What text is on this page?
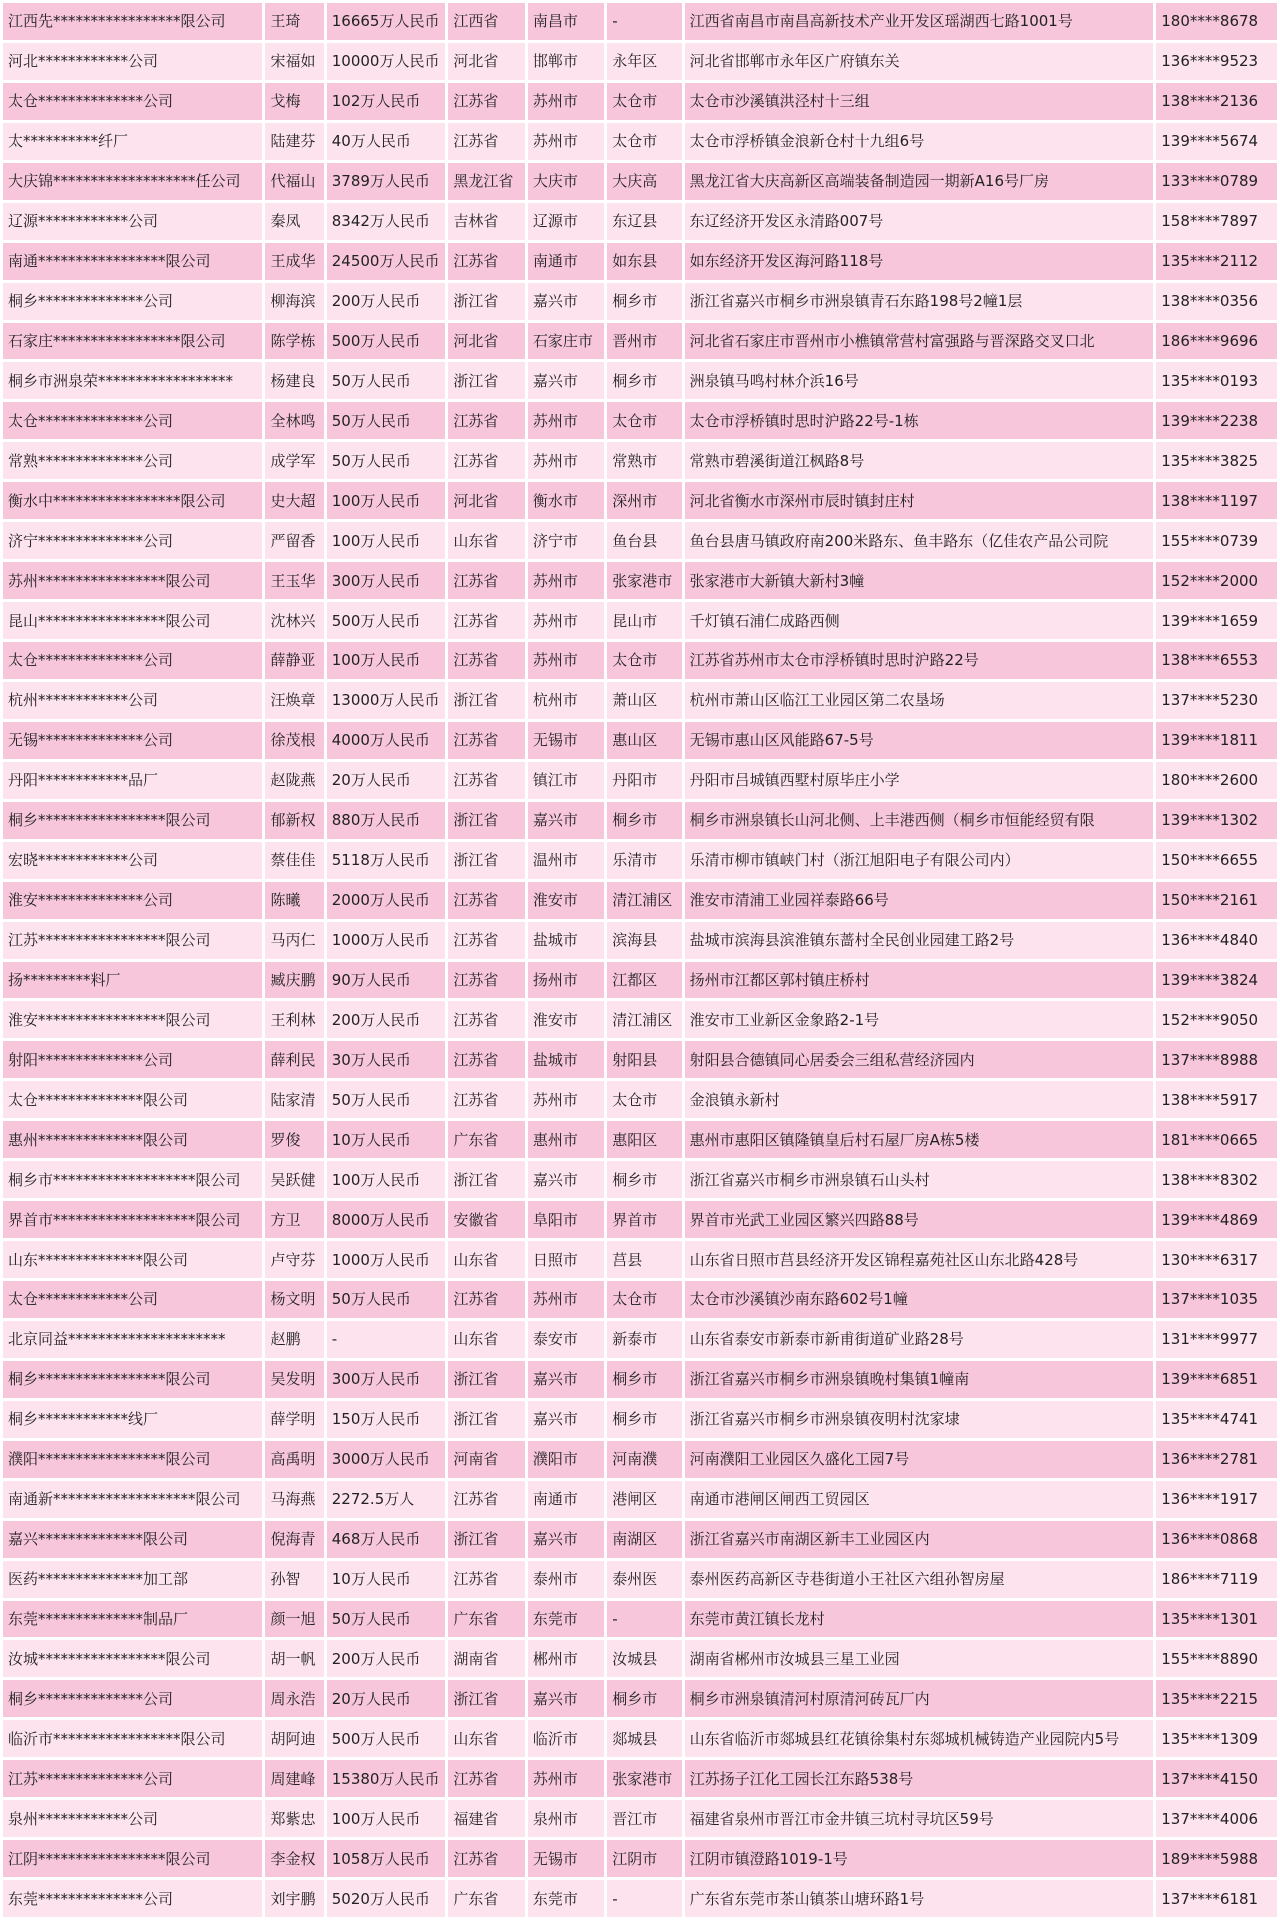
江西先*****************限公司	王琦	16665万人民币	江西省	南昌市	-	江西省南昌市南昌高新技术产业开发区瑶湖西七路1001号	180****8678
河北************公司	宋福如	10000万人民币	河北省	邯郸市	永年区	河北省邯郸市永年区广府镇东关	136****9523
太仓**************公司	戈梅	102万人民币	江苏省	苏州市	太仓市	太仓市沙溪镇洪泾村十三组	138****2136
太**********纤厂	陆建芬	40万人民币	江苏省	苏州市	太仓市	太仓市浮桥镇金浪新仓村十九组6号	139****5674
大庆锦*******************任公司	代福山	3789万人民币	黑龙江省	大庆市	大庆高	黑龙江省大庆高新区高端装备制造园一期新A16号厂房	133****0789
辽源************公司	秦凤	8342万人民币	吉林省	辽源市	东辽县	东辽经济开发区永清路007号	158****7897
南通*****************限公司	王成华	24500万人民币	江苏省	南通市	如东县	如东经济开发区海河路118号	135****2112
桐乡**************公司	柳海滨	200万人民币	浙江省	嘉兴市	桐乡市	浙江省嘉兴市桐乡市洲泉镇青石东路198号2幢1层	138****0356
石家庄*****************限公司	陈学栋	500万人民币	河北省	石家庄市	晋州市	河北省石家庄市晋州市小樵镇常营村富强路与晋深路交叉口北	186****9696
桐乡市洲泉荣******************	杨建良	50万人民币	浙江省	嘉兴市	桐乡市	洲泉镇马鸣村林介浜16号	135****0193
太仓**************公司	全林鸣	50万人民币	江苏省	苏州市	太仓市	太仓市浮桥镇时思时沪路22号-1栋	139****2238
常熟**************公司	成学军	50万人民币	江苏省	苏州市	常熟市	常熟市碧溪街道江枫路8号	135****3825
衡水中*****************限公司	史大超	100万人民币	河北省	衡水市	深州市	河北省衡水市深州市辰时镇封庄村	138****1197
济宁**************公司	严留香	100万人民币	山东省	济宁市	鱼台县	鱼台县唐马镇政府南200米路东、鱼丰路东（亿佳农产品公司院	155****0739
苏州*****************限公司	王玉华	300万人民币	江苏省	苏州市	张家港市	张家港市大新镇大新村3幢	152****2000
昆山*****************限公司	沈林兴	500万人民币	江苏省	苏州市	昆山市	千灯镇石浦仁成路西侧	139****1659
太仓**************公司	薛静亚	100万人民币	江苏省	苏州市	太仓市	江苏省苏州市太仓市浮桥镇时思时沪路22号	138****6553
杭州************公司	汪焕章	13000万人民币	浙江省	杭州市	萧山区	杭州市萧山区临江工业园区第二农垦场	137****5230
无锡**************公司	徐茂根	4000万人民币	江苏省	无锡市	惠山区	无锡市惠山区风能路67-5号	139****1811
丹阳************品厂	赵陇燕	20万人民币	江苏省	镇江市	丹阳市	丹阳市吕城镇西墅村原毕庄小学	180****2600
桐乡*****************限公司	郁新权	880万人民币	浙江省	嘉兴市	桐乡市	桐乡市洲泉镇长山河北侧、上丰港西侧（桐乡市恒能经贸有限	139****1302
宏晓************公司	蔡佳佳	5118万人民币	浙江省	温州市	乐清市	乐清市柳市镇峡门村（浙江旭阳电子有限公司内）	150****6655
淮安**************公司	陈曦	2000万人民币	江苏省	淮安市	清江浦区	淮安市清浦工业园祥泰路66号	150****2161
江苏*****************限公司	马丙仁	1000万人民币	江苏省	盐城市	滨海县	盐城市滨海县滨淮镇东蔷村全民创业园建工路2号	136****4840
扬*********料厂	臧庆鹏	90万人民币	江苏省	扬州市	江都区	扬州市江都区郭村镇庄桥村	139****3824
淮安*****************限公司	王利林	200万人民币	江苏省	淮安市	清江浦区	淮安市工业新区金象路2-1号	152****9050
射阳**************公司	薛利民	30万人民币	江苏省	盐城市	射阳县	射阳县合德镇同心居委会三组私营经济园内	137****8988
太仓**************限公司	陆家清	50万人民币	江苏省	苏州市	太仓市	金浪镇永新村	138****5917
惠州**************限公司	罗俊	10万人民币	广东省	惠州市	惠阳区	惠州市惠阳区镇隆镇皇后村石屋厂房A栋5楼	181****0665
桐乡市*******************限公司	吴跃健	100万人民币	浙江省	嘉兴市	桐乡市	浙江省嘉兴市桐乡市洲泉镇石山头村	138****8302
界首市*******************限公司	方卫	8000万人民币	安徽省	阜阳市	界首市	界首市光武工业园区繁兴四路88号	139****4869
山东**************限公司	卢守芬	1000万人民币	山东省	日照市	莒县	山东省日照市莒县经济开发区锦程嘉苑社区山东北路428号	130****6317
太仓************公司	杨文明	50万人民币	江苏省	苏州市	太仓市	太仓市沙溪镇沙南东路602号1幢	137****1035
北京同益*********************	赵鹏	-	山东省	泰安市	新泰市	山东省泰安市新泰市新甫街道矿业路28号	131****9977
桐乡*****************限公司	吴发明	300万人民币	浙江省	嘉兴市	桐乡市	浙江省嘉兴市桐乡市洲泉镇晚村集镇1幢南	139****6851
桐乡************线厂	薛学明	150万人民币	浙江省	嘉兴市	桐乡市	浙江省嘉兴市桐乡市洲泉镇夜明村沈家埭	135****4741
濮阳*****************限公司	高禹明	3000万人民币	河南省	濮阳市	河南濮	河南濮阳工业园区久盛化工园7号	136****2781
南通新*******************限公司	马海燕	2272.5万人	江苏省	南通市	港闸区	南通市港闸区闸西工贸园区	136****1917
嘉兴**************限公司	倪海青	468万人民币	浙江省	嘉兴市	南湖区	浙江省嘉兴市南湖区新丰工业园区内	136****0868
医药**************加工部	孙智	10万人民币	江苏省	泰州市	泰州医	泰州医药高新区寺巷街道小王社区六组孙智房屋	186****7119
东莞**************制品厂	颜一旭	50万人民币	广东省	东莞市	-	东莞市黄江镇长龙村	135****1301
汝城*****************限公司	胡一帆	200万人民币	湖南省	郴州市	汝城县	湖南省郴州市汝城县三星工业园	155****8890
桐乡**************公司	周永浩	20万人民币	浙江省	嘉兴市	桐乡市	桐乡市洲泉镇清河村原清河砖瓦厂内	135****2215
临沂市*****************限公司	胡阿迪	500万人民币	山东省	临沂市	郯城县	山东省临沂市郯城县红花镇徐集村东郯城机械铸造产业园院内5号	135****1309
江苏**************公司	周建峰	15380万人民币	江苏省	苏州市	张家港市	江苏扬子江化工园长江东路538号	137****4150
泉州************公司	郑紫忠	100万人民币	福建省	泉州市	晋江市	福建省泉州市晋江市金井镇三坑村寻坑区59号	137****4006
江阴*****************限公司	李金权	1058万人民币	江苏省	无锡市	江阴市	江阴市镇澄路1019-1号	189****5988
东莞**************公司	刘宇鹏	5020万人民币	广东省	东莞市	-	广东省东莞市茶山镇茶山塘环路1号	137****6181
